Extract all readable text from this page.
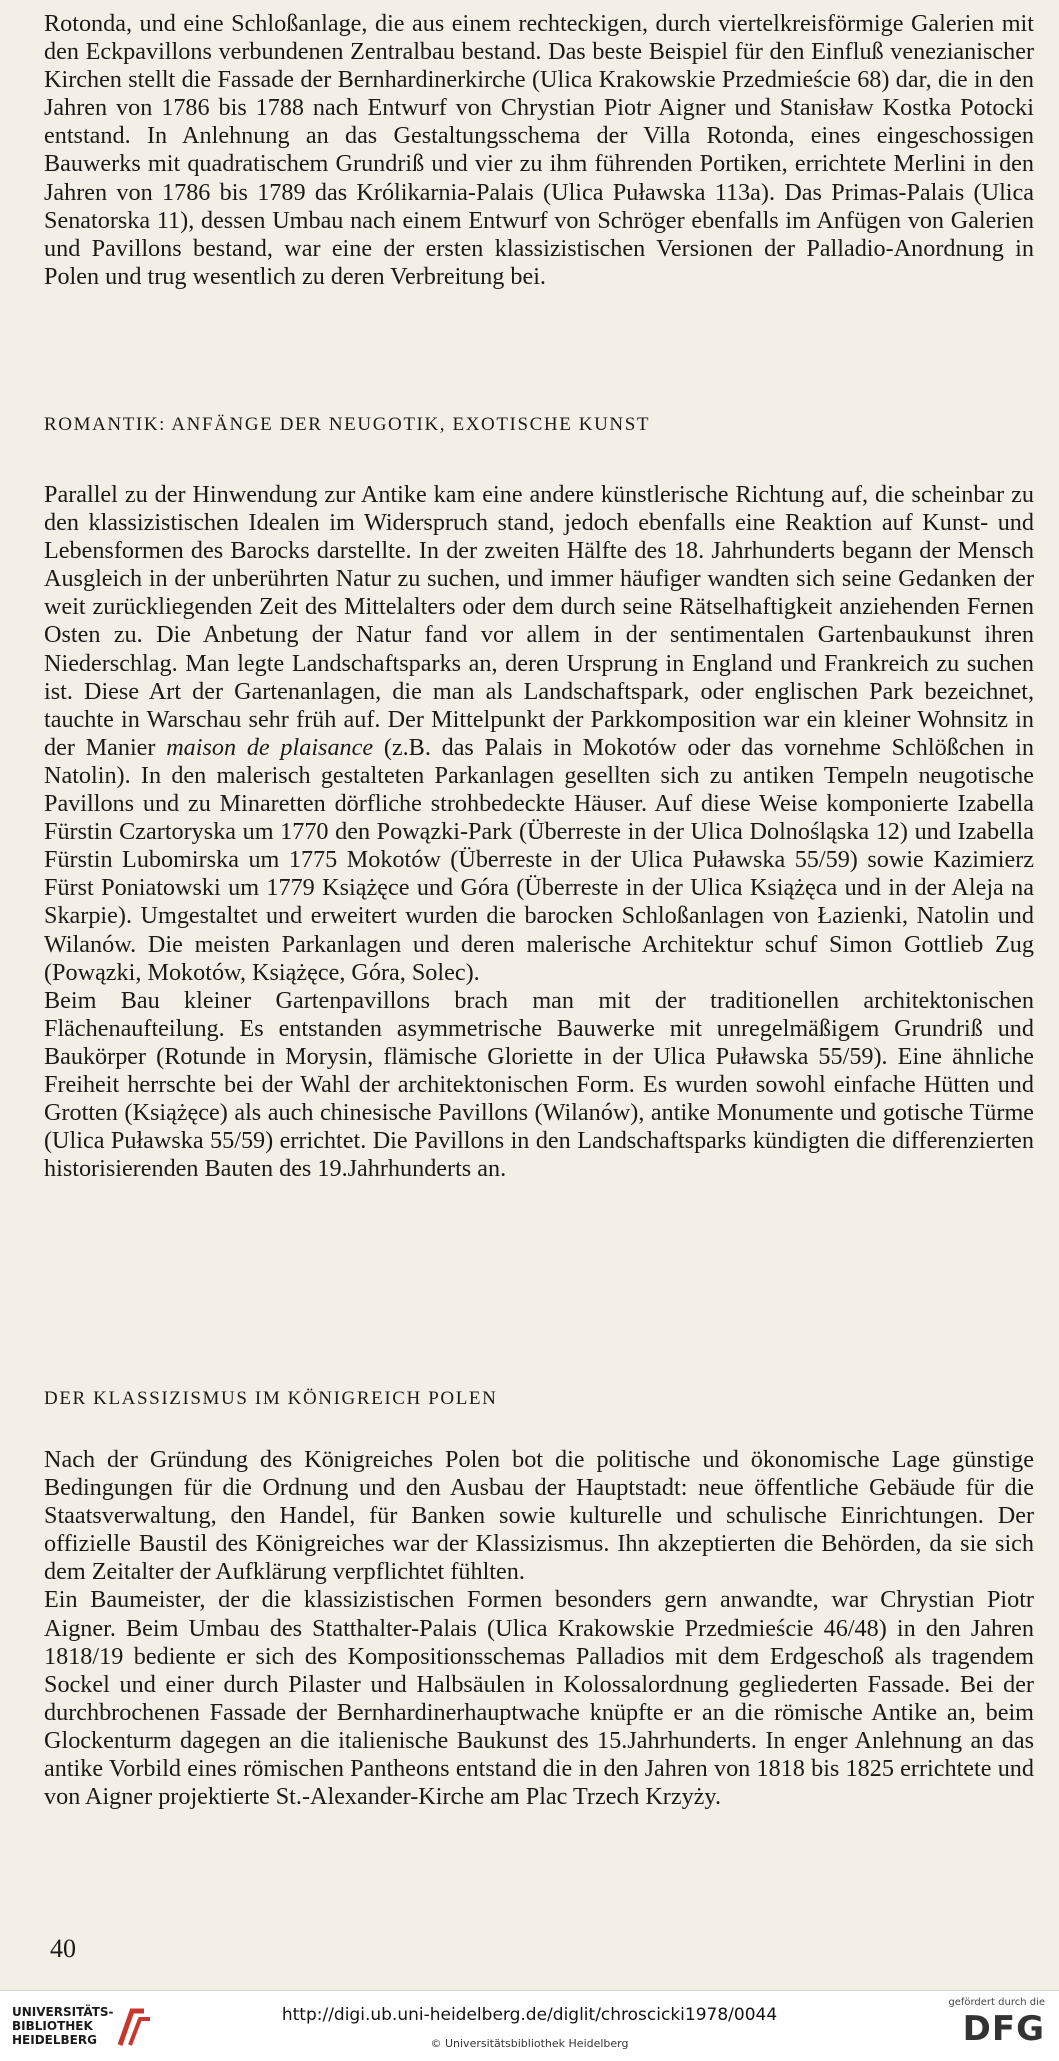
Rotonda, und eine Schloßanlage, die aus einem rechteckigen, durch viertelkreisförmige Galerien mit den Eckpavillons verbundenen Zentralbau bestand. Das beste Beispiel für den Einfluß venezianischer Kirchen stellt die Fassade der Bernhardinerkirche (Ulica Krakowskie Przedmieście 68) dar, die in den Jahren von 1786 bis 1788 nach Entwurf von Chrystian Piotr Aigner und Stanisław Kostka Potocki entstand. In Anlehnung an das Gestaltungsschema der Villa Rotonda, eines eingeschossigen Bauwerks mit quadratischem Grundriß und vier zu ihm führenden Portiken, errichtete Merlini in den Jahren von 1786 bis 1789 das Królikarnia-Palais (Ulica Puławska 113a). Das Primas-Palais (Ulica Senatorska 11), dessen Umbau nach einem Entwurf von Schröger ebenfalls im Anfügen von Galerien und Pavillons bestand, war eine der ersten klassizistischen Versionen der Palladio-Anordnung in Polen und trug wesentlich zu deren Verbreitung bei.

ROMANTIK: ANFÄNGE DER NEUGOTIK, EXOTISCHE KUNST

Parallel zu der Hinwendung zur Antike kam eine andere künstlerische Richtung auf, die scheinbar zu den klassizistischen Idealen im Widerspruch stand, jedoch ebenfalls eine Reaktion auf Kunst- und Lebensformen des Barocks darstellte. In der zweiten Hälfte des 18. Jahrhunderts begann der Mensch Ausgleich in der unberührten Natur zu suchen, und immer häufiger wandten sich seine Gedanken der weit zurückliegenden Zeit des Mittelalters oder dem durch seine Rätselhaftigkeit anziehenden Fernen Osten zu. Die Anbetung der Natur fand vor allem in der sentimentalen Gartenbaukunst ihren Niederschlag. Man legte Landschaftsparks an, deren Ursprung in England und Frankreich zu suchen ist. Diese Art der Gartenanlagen, die man als Landschaftspark, oder englischen Park bezeichnet, tauchte in Warschau sehr früh auf. Der Mittelpunkt der Parkkomposition war ein kleiner Wohnsitz in der Manier maison de plaisance (z.B. das Palais in Mokotów oder das vornehme Schlößchen in Natolin). In den malerisch gestalteten Parkanlagen gesellten sich zu antiken Tempeln neugotische Pavillons und zu Minaretten dörfliche strohbedeckte Häuser. Auf diese Weise komponierte Izabella Fürstin Czartoryska um 1770 den Powązki-Park (Überreste in der Ulica Dolnośląska 12) und Izabella Fürstin Lubomirska um 1775 Mokotów (Überreste in der Ulica Puławska 55/59) sowie Kazimierz Fürst Poniatowski um 1779 Książęce und Góra (Überreste in der Ulica Książęca und in der Aleja na Skarpie). Umgestaltet und erweitert wurden die barocken Schloßanlagen von Łazienki, Natolin und Wilanów. Die meisten Parkanlagen und deren malerische Architektur schuf Simon Gottlieb Zug (Powązki, Mokotów, Książęce, Góra, Solec).

Beim Bau kleiner Gartenpavillons brach man mit der traditionellen architektonischen Flächenaufteilung. Es entstanden asymmetrische Bauwerke mit unregelmäßigem Grundriß und Baukörper (Rotunde in Morysin, flämische Gloriette in der Ulica Puławska 55/59). Eine ähnliche Freiheit herrschte bei der Wahl der architektonischen Form. Es wurden sowohl einfache Hütten und Grotten (Książęce) als auch chinesische Pavillons (Wilanów), antike Monumente und gotische Türme (Ulica Puławska 55/59) errichtet. Die Pavillons in den Landschaftsparks kündigten die differenzierten historisierenden Bauten des 19.Jahrhunderts an.

DER KLASSIZISMUS IM KÖNIGREICH POLEN

Nach der Gründung des Königreiches Polen bot die politische und ökonomische Lage günstige Bedingungen für die Ordnung und den Ausbau der Hauptstadt: neue öffentliche Gebäude für die Staatsverwaltung, den Handel, für Banken sowie kulturelle und schulische Einrichtungen. Der offizielle Baustil des Königreiches war der Klassizismus. Ihn akzeptierten die Behörden, da sie sich dem Zeitalter der Aufklärung verpflichtet fühlten.

Ein Baumeister, der die klassizistischen Formen besonders gern anwandte, war Chrystian Piotr Aigner. Beim Umbau des Statthalter-Palais (Ulica Krakowskie Przedmieście 46/48) in den Jahren 1818/19 bediente er sich des Kompositionsschemas Palladios mit dem Erdgeschoß als tragendem Sockel und einer durch Pilaster und Halbsäulen in Kolossalordnung gegliederten Fassade. Bei der durchbrochenen Fassade der Bernhardinerhauptwache knüpfte er an die römische Antike an, beim Glockenturm dagegen an die italienische Baukunst des 15.Jahrhunderts. In enger Anlehnung an das antike Vorbild eines römischen Pantheons entstand die in den Jahren von 1818 bis 1825 errichtete und von Aigner projektierte St.-Alexander-Kirche am Plac Trzech Krzyży.

40
UNIVERSITÄTS-
BIBLIOTHEK
HEIDELBERG
http://digi.ub.uni-heidelberg.de/diglit/chroscicki1978/0044
© Universitätsbibliothek Heidelberg
gefördert durch die
DFG
